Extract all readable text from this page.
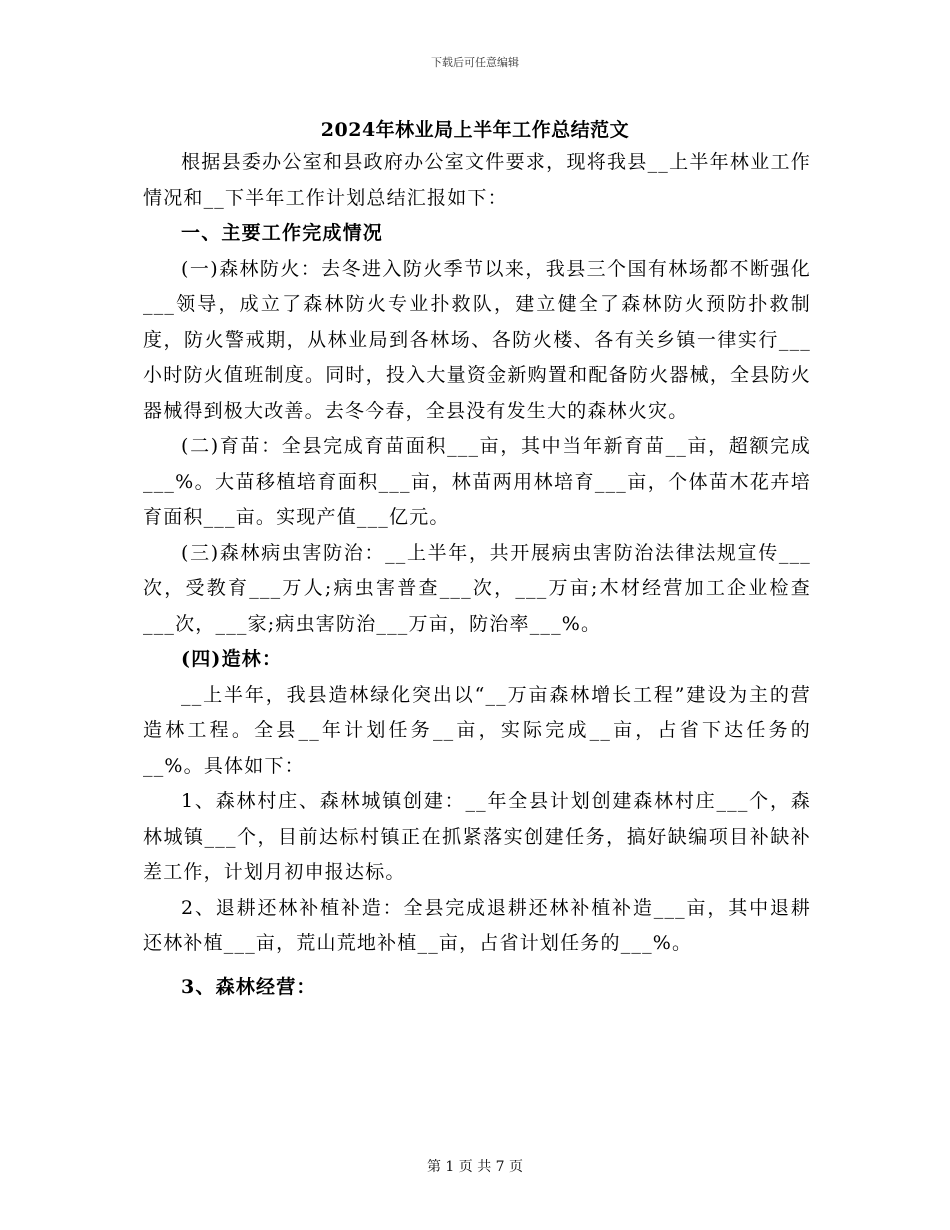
下载后可任意编辑
2024年林业局上半年工作总结范文

根据县委办公室和县政府办公室文件要求，现将我县__上半年林业工作情况和__下半年工作计划总结汇报如下：

一、主要工作完成情况

(一)森林防火：去冬进入防火季节以来，我县三个国有林场都不断强化___领导，成立了森林防火专业扑救队，建立健全了森林防火预防扑救制度，防火警戒期，从林业局到各林场、各防火楼、各有关乡镇一律实行___小时防火值班制度。同时，投入大量资金新购置和配备防火器械，全县防火器械得到极大改善。去冬今春，全县没有发生大的森林火灾。

(二)育苗：全县完成育苗面积___亩，其中当年新育苗__亩，超额完成___%。大苗移植培育面积___亩，林苗两用林培育___亩，个体苗木花卉培育面积___亩。实现产值___亿元。

(三)森林病虫害防治：__上半年，共开展病虫害防治法律法规宣传___次，受教育___万人;病虫害普查___次，___万亩;木材经营加工企业检查___次，___家;病虫害防治___万亩，防治率___%。

(四)造林：

__上半年，我县造林绿化突出以“__万亩森林增长工程”建设为主的营造林工程。全县__年计划任务__亩，实际完成__亩，占省下达任务的__%。具体如下：

1、森林村庄、森林城镇创建：__年全县计划创建森林村庄___个，森林城镇___个，目前达标村镇正在抓紧落实创建任务，搞好缺编项目补缺补差工作，计划月初申报达标。

2、退耕还林补植补造：全县完成退耕还林补植补造___亩，其中退耕还林补植___亩，荒山荒地补植__亩，占省计划任务的___%。

3、森林经营：

第 1 页 共 7 页
